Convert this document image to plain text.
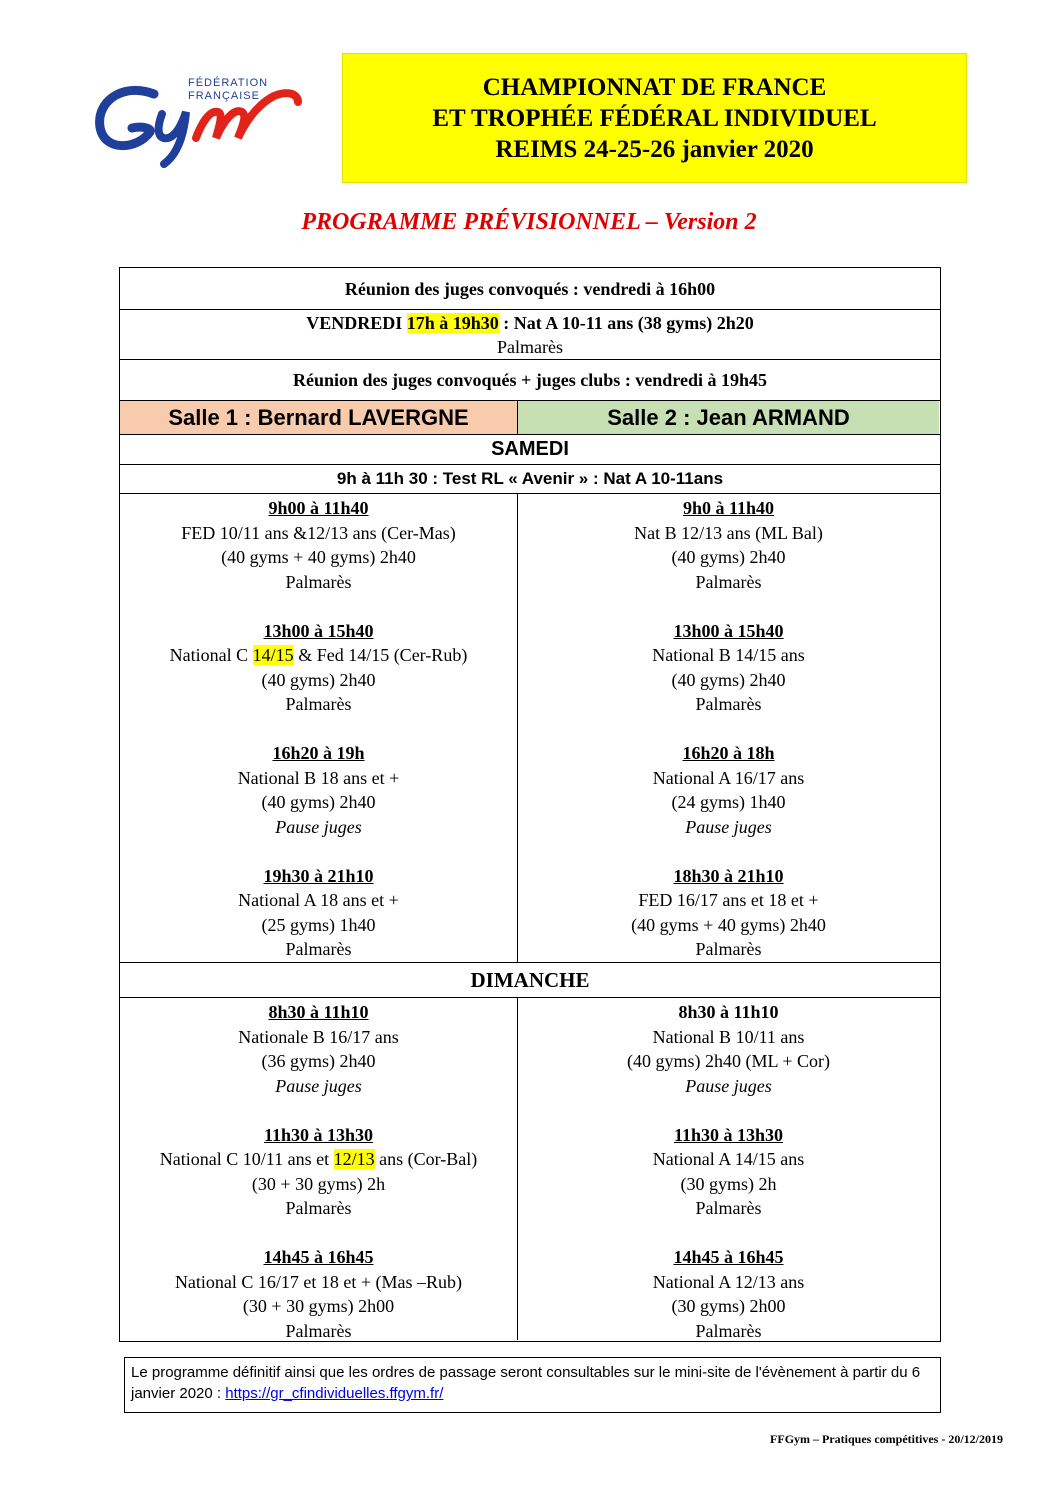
FÉDÉRATION
FRANÇAISE	CHAMPIONNAT DE FRANCE
ET TROPHÉE FÉDÉRAL INDIVIDUEL
REIMS 24-25-26 janvier 2020
PROGRAMME PRÉVISIONNEL – Version 2
Réunion des juges convoqués : vendredi à 16h00
VENDREDI 17h à 19h30 : Nat A 10-11 ans (38 gyms) 2h20
Palmarès
Réunion des juges convoqués + juges clubs : vendredi à 19h45
Salle 1 : Bernard LAVERGNE	Salle 2 : Jean ARMAND
SAMEDI
9h à 11h 30 : Test RL « Avenir » : Nat A 10-11ans
9h00 à 11h40
FED 10/11 ans &12/13 ans (Cer-Mas)
(40 gyms + 40 gyms) 2h40
Palmarès
13h00 à 15h40
National C 14/15 & Fed 14/15 (Cer-Rub)
(40 gyms) 2h40
Palmarès
16h20 à 19h
National B 18 ans et +
(40 gyms) 2h40
Pause juges
19h30 à 21h10
National A 18 ans et +
(25 gyms) 1h40
Palmarès
9h0 à 11h40
Nat B 12/13 ans (ML Bal)
(40 gyms) 2h40
Palmarès
13h00 à 15h40
National B 14/15 ans
(40 gyms) 2h40
Palmarès
16h20 à 18h
National A 16/17 ans
(24 gyms) 1h40
Pause juges
18h30 à 21h10
FED 16/17 ans et 18 et +
(40 gyms + 40 gyms) 2h40
Palmarès
DIMANCHE
8h30 à 11h10
Nationale B 16/17 ans
(36 gyms) 2h40
Pause juges
11h30 à 13h30
National C 10/11 ans et 12/13 ans (Cor-Bal)
(30 + 30 gyms) 2h
Palmarès
14h45 à 16h45
National C 16/17 et 18 et + (Mas –Rub)
(30 + 30 gyms) 2h00
Palmarès
8h30 à 11h10
National B 10/11 ans
(40 gyms) 2h40 (ML + Cor)
Pause juges
11h30 à 13h30
National A 14/15 ans
(30 gyms) 2h
Palmarès
14h45 à 16h45
National A 12/13 ans
(30 gyms) 2h00
Palmarès
Le programme définitif ainsi que les ordres de passage seront consultables sur le mini-site de l'évènement à partir du 6 janvier 2020 : https://gr_cfindividuelles.ffgym.fr/
FFGym – Pratiques compétitives - 20/12/2019
